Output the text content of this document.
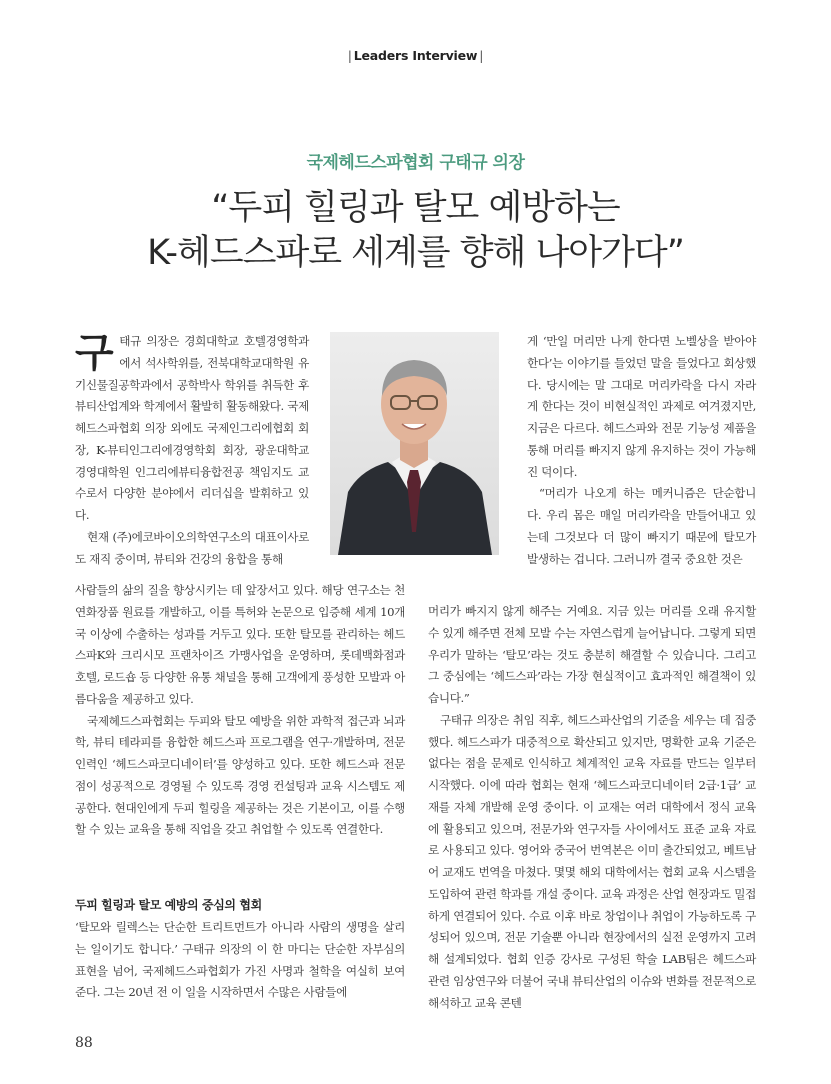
| Leaders Interview |
국제헤드스파협회 구태규 의장
“두피 힐링과 탈모 예방하는
K-헤드스파로 세계를 향해 나아가다”

구태규 의장은 경희대학교 호텔경영학과에서 석사학위를, 전북대학교대학원 유기신물질공학과에서 공학박사 학위를 취득한 후 뷰티산업계와 학계에서 활발히 활동해왔다. 국제헤드스파협회 의장 외에도 국제인그리에협회 회장, K-뷰티인그리에경영학회 회장, 광운대학교 경영대학원 인그리에뷰티융합전공 책임지도 교수로서 다양한 분야에서 리더십을 발휘하고 있다.

현재 (주)에코바이오의학연구소의 대표이사로도 재직 중이며, 뷰티와 건강의 융합을 통해

사람들의 삶의 질을 향상시키는 데 앞장서고 있다. 해당 연구소는 천연화장품 원료를 개발하고, 이를 특허와 논문으로 입증해 세계 10개국 이상에 수출하는 성과를 거두고 있다. 또한 탈모를 관리하는 헤드스파K와 크리시모 프랜차이즈 가맹사업을 운영하며, 롯데백화점과 호텔, 로드숍 등 다양한 유통 채널을 통해 고객에게 풍성한 모발과 아름다움을 제공하고 있다.

국제헤드스파협회는 두피와 탈모 예방을 위한 과학적 접근과 뇌과학, 뷰티 테라피를 융합한 헤드스파 프로그램을 연구·개발하며, 전문 인력인 ‘헤드스파코디네이터’를 양성하고 있다. 또한 헤드스파 전문점이 성공적으로 경영될 수 있도록 경영 컨설팅과 교육 시스템도 제공한다. 현대인에게 두피 힐링을 제공하는 것은 기본이고, 이를 수행할 수 있는 교육을 통해 직업을 갖고 취업할 수 있도록 연결한다.

두피 힐링과 탈모 예방의 중심의 협회

‘탈모와 릴렉스는 단순한 트리트먼트가 아니라 사람의 생명을 살리는 일이기도 합니다.’ 구태규 의장의 이 한 마디는 단순한 자부심의 표현을 넘어, 국제헤드스파협회가 가진 사명과 철학을 여실히 보여준다. 그는 20년 전 이 일을 시작하면서 수많은 사람들에

게 ‘만일 머리만 나게 한다면 노벨상을 받아야 한다’는 이야기를 들었던 말을 들었다고 회상했다. 당시에는 말 그대로 머리카락을 다시 자라게 한다는 것이 비현실적인 과제로 여겨졌지만, 지금은 다르다. 헤드스파와 전문 기능성 제품을 통해 머리를 빠지지 않게 유지하는 것이 가능해 진 덕이다.

“머리가 나오게 하는 메커니즘은 단순합니다. 우리 몸은 매일 머리카락을 만들어내고 있는데 그것보다 더 많이 빠지기 때문에 탈모가 발생하는 겁니다. 그러니까 결국 중요한 것은

머리가 빠지지 않게 해주는 거예요. 지금 있는 머리를 오래 유지할 수 있게 해주면 전체 모발 수는 자연스럽게 늘어납니다. 그렇게 되면 우리가 말하는 ‘탈모’라는 것도 충분히 해결할 수 있습니다. 그리고 그 중심에는 ‘헤드스파’라는 가장 현실적이고 효과적인 해결책이 있습니다.”

구태규 의장은 취임 직후, 헤드스파산업의 기준을 세우는 데 집중했다. 헤드스파가 대중적으로 확산되고 있지만, 명확한 교육 기준은 없다는 점을 문제로 인식하고 체계적인 교육 자료를 만드는 일부터 시작했다. 이에 따라 협회는 현재 ‘헤드스파코디네이터 2급·1급’ 교재를 자체 개발해 운영 중이다. 이 교재는 여러 대학에서 정식 교육에 활용되고 있으며, 전문가와 연구자들 사이에서도 표준 교육 자료로 사용되고 있다. 영어와 중국어 번역본은 이미 출간되었고, 베트남어 교재도 번역을 마쳤다. 몇몇 해외 대학에서는 협회 교육 시스템을 도입하여 관련 학과를 개설 중이다. 교육 과정은 산업 현장과도 밀접하게 연결되어 있다. 수료 이후 바로 창업이나 취업이 가능하도록 구성되어 있으며, 전문 기술뿐 아니라 현장에서의 실전 운영까지 고려해 설계되었다. 협회 인증 강사로 구성된 학술 LAB팀은 헤드스파 관련 임상연구와 더불어 국내 뷰티산업의 이슈와 변화를 전문적으로 해석하고 교육 콘텐

88
